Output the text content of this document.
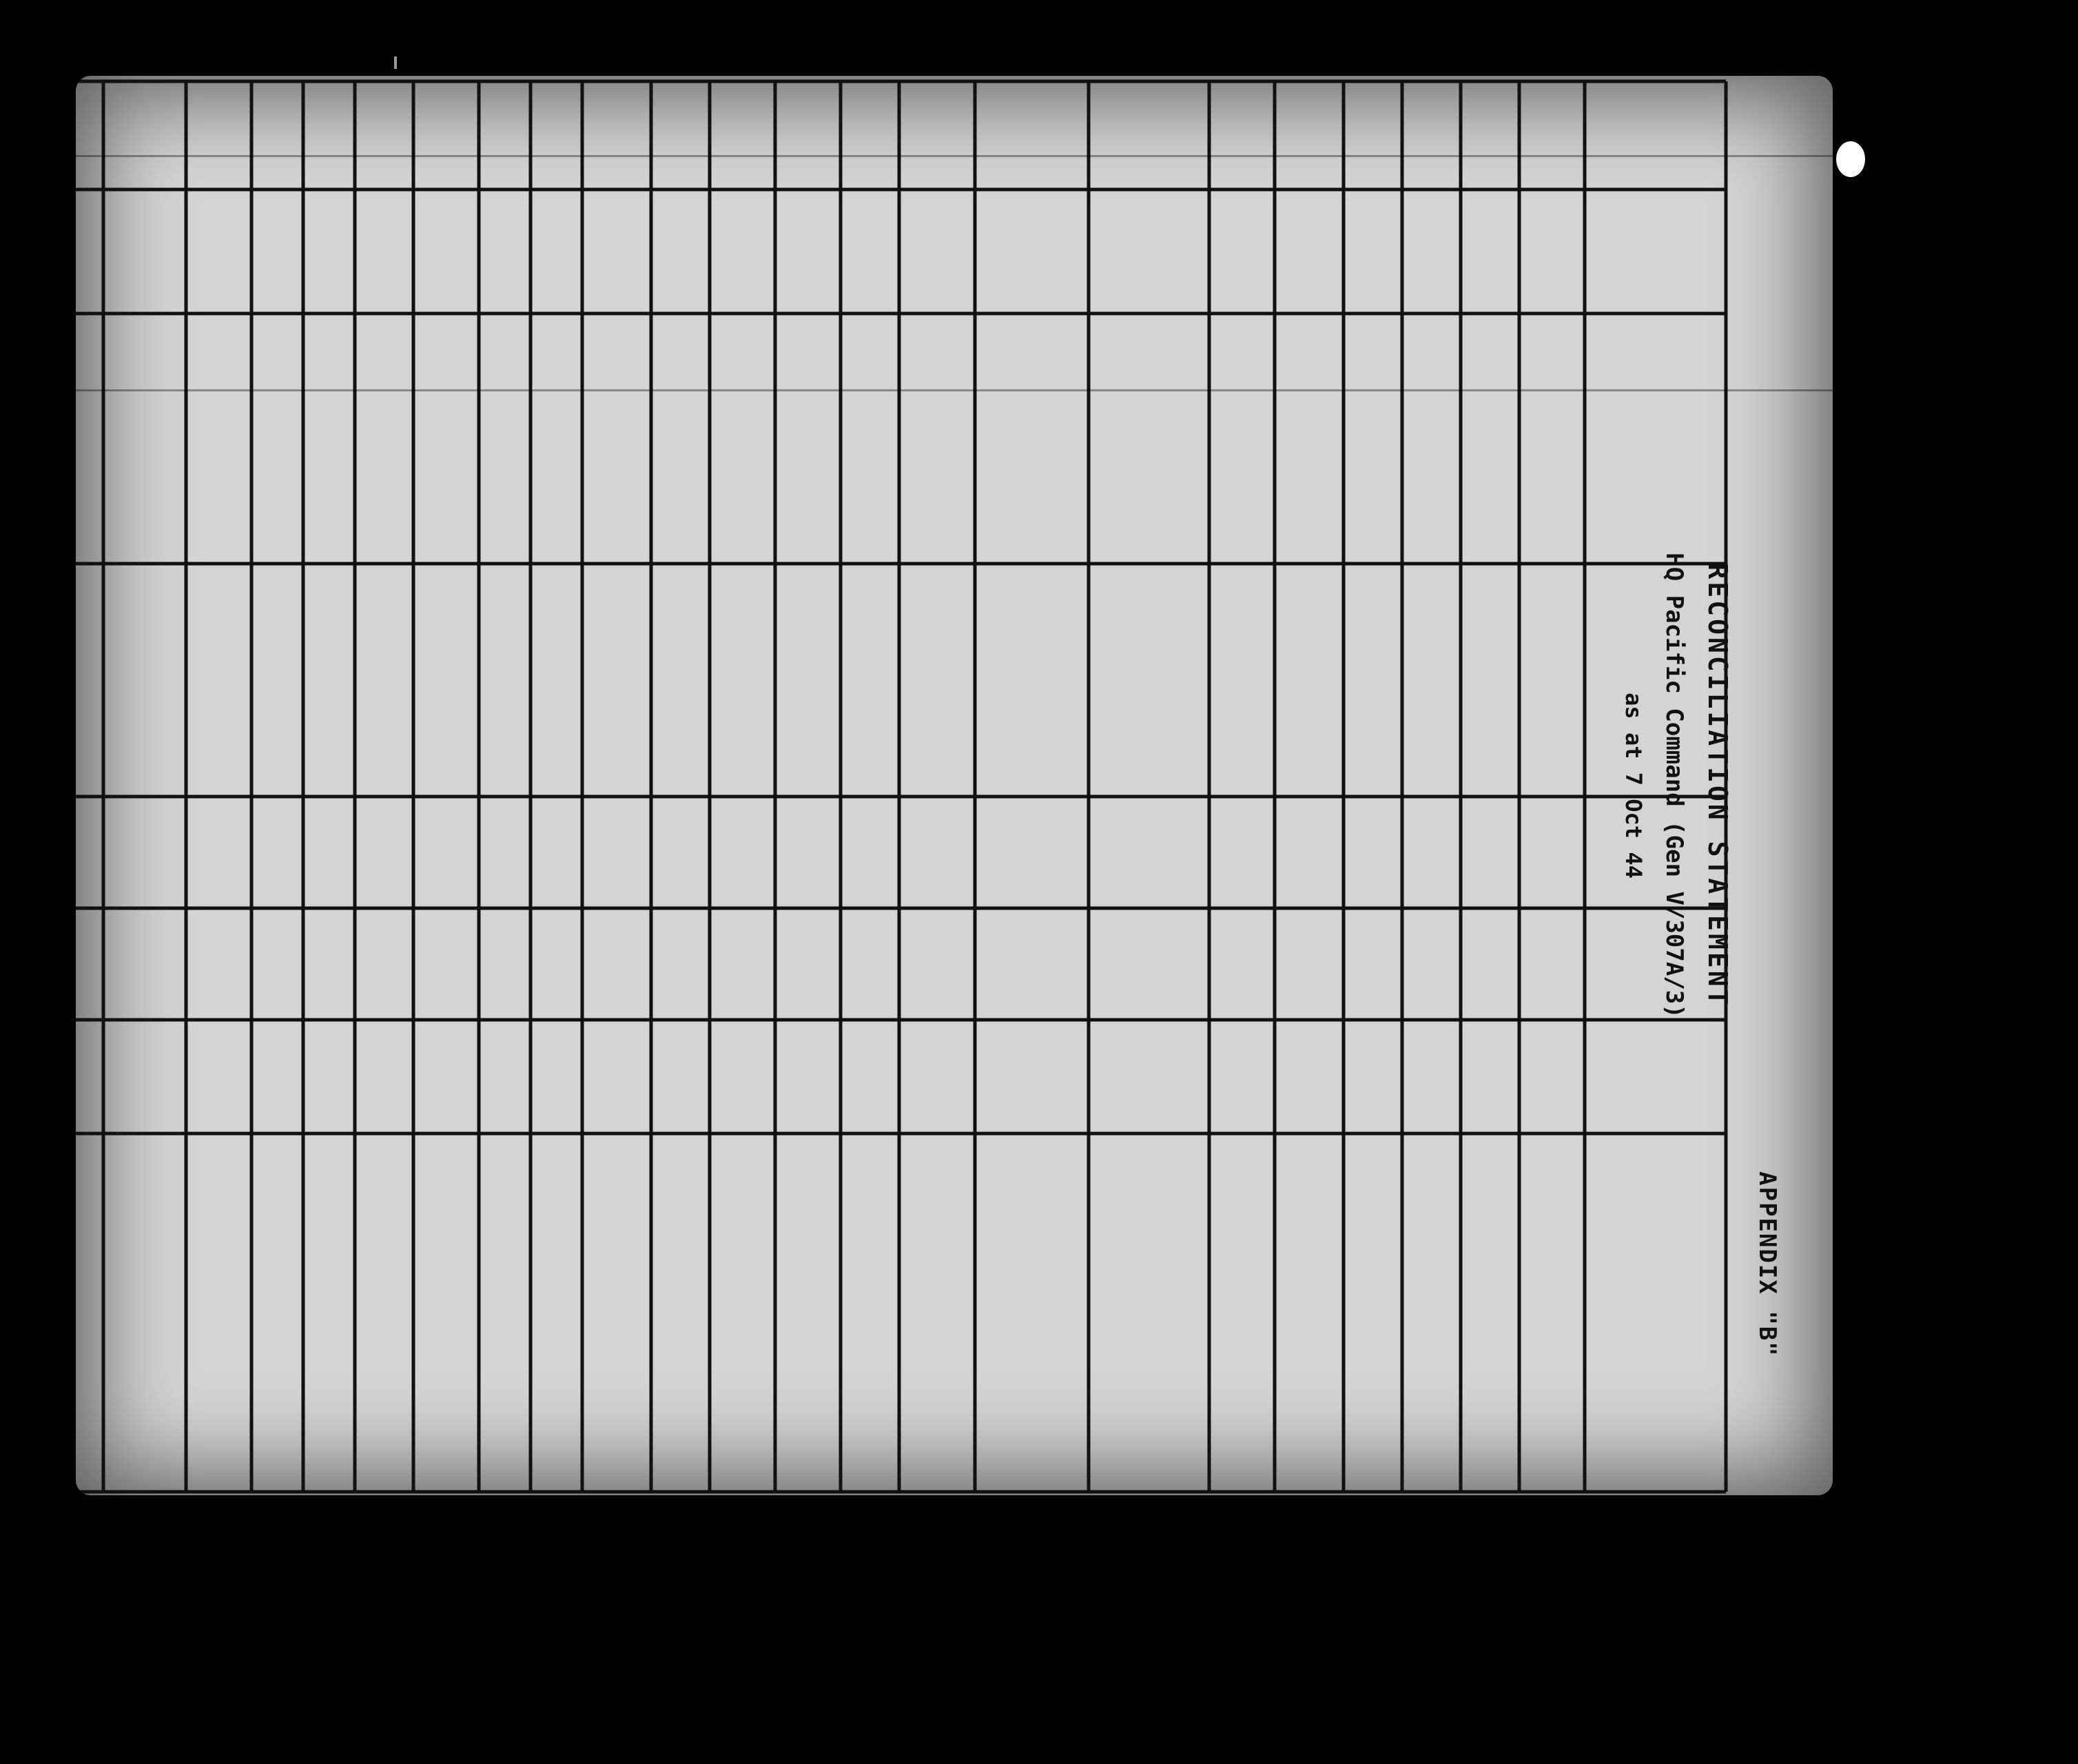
APPENDIX "B"
RECONCILIATION STATEMENT
HQ Pacific Command (Gen V/307A/3)
as at 7 Oct 44
